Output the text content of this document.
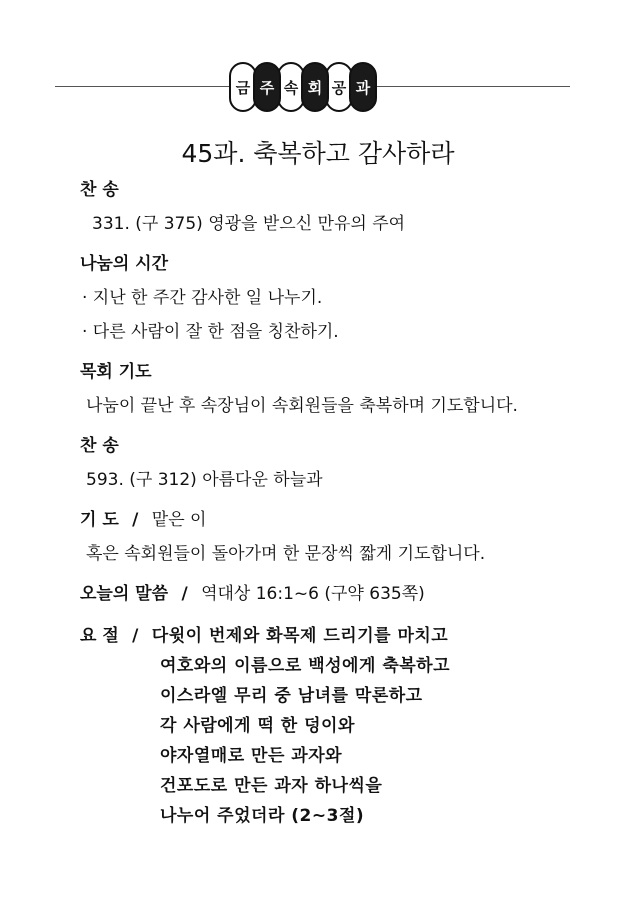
금 주 속 회 공 과
45과. 축복하고 감사하라
찬 송
331. (구 375) 영광을 받으신 만유의 주여
나눔의 시간
· 지난 한 주간 감사한 일 나누기.
· 다른 사람이 잘 한 점을 칭찬하기.
목회 기도
나눔이 끝난 후 속장님이 속회원들을 축복하며 기도합니다.
찬 송
593. (구 312) 아름다운 하늘과
기 도 / 맡은 이
혹은 속회원들이 돌아가며 한 문장씩 짧게 기도합니다.
오늘의 말씀 / 역대상 16:1~6 (구약 635쪽)
요 절 / 다윗이 번제와 화목제 드리기를 마치고
여호와의 이름으로 백성에게 축복하고
이스라엘 무리 중 남녀를 막론하고
각 사람에게 떡 한 덩이와
야자열매로 만든 과자와
건포도로 만든 과자 하나씩을
나누어 주었더라 (2~3절)
